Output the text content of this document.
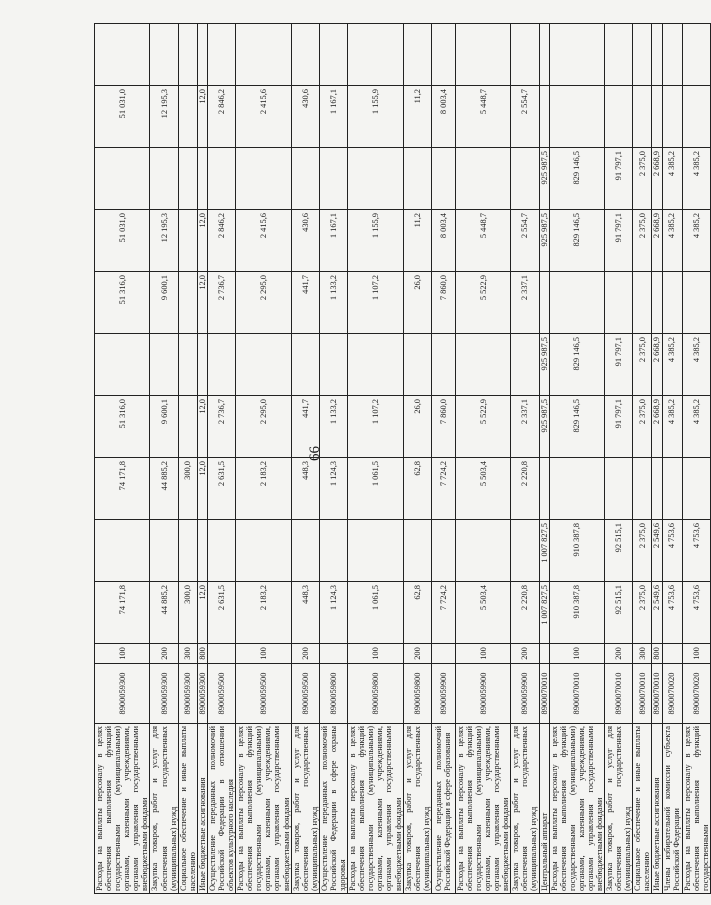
66
Расходы на выплаты персоналу в целях обеспечения выполнения функций государственными (муниципальными) органами, казенными учреждениями, органами управления государственными внебюджетными фондами	8900059300	100	74 171,8		74 171,8	51 316,0		51 316,0	51 031,0		51 031,0	
Закупка товаров, работ и услуг для обеспечения государственных (муниципальных) нужд	8900059300	200	44 885,2		44 885,2	9 600,1		9 600,1	12 195,3		12 195,3	
Социальное обеспечение и иные выплаты населению	8900059300	300	300,0		300,0							
Иные бюджетные ассигнования	8900059300	800	12,0		12,0	12,0		12,0	12,0		12,0	
Осуществление переданных полномочий Российской Федерации в отношении объектов культурного наследия	8900059500		2 631,5		2 631,5	2 736,7		2 736,7	2 846,2		2 846,2	
Расходы на выплаты персоналу в целях обеспечения выполнения функций государственными (муниципальными) органами, казенными учреждениями, органами управления государственными внебюджетными фондами	8900059500	100	2 183,2		2 183,2	2 295,0		2 295,0	2 415,6		2 415,6	
Закупка товаров, работ и услуг для обеспечения государственных (муниципальных) нужд	8900059500	200	448,3		448,3	441,7		441,7	430,6		430,6	
Осуществление переданных полномочий Российской Федерации в сфере охраны здоровья	8900059800		1 124,3		1 124,3	1 133,2		1 133,2	1 167,1		1 167,1	
Расходы на выплаты персоналу в целях обеспечения выполнения функций государственными (муниципальными) органами, казенными учреждениями, органами управления государственными внебюджетными фондами	8900059800	100	1 061,5		1 061,5	1 107,2		1 107,2	1 155,9		1 155,9	
Закупка товаров, работ и услуг для обеспечения государственных (муниципальных) нужд	8900059800	200	62,8		62,8	26,0		26,0	11,2		11,2	
Осуществление переданных полномочий Российской Федерации в сфере образования	8900059900		7 724,2		7 724,2	7 860,0		7 860,0	8 003,4		8 003,4	
Расходы на выплаты персоналу в целях обеспечения выполнения функций государственными (муниципальными) органами, казенными учреждениями, органами управления государственными внебюджетными фондами	8900059900	100	5 503,4		5 503,4	5 522,9		5 522,9	5 448,7		5 448,7	
Закупка товаров, работ и услуг для обеспечения государственных (муниципальных) нужд	8900059900	200	2 220,8		2 220,8	2 337,1		2 337,1	2 554,7		2 554,7	
Центральный аппарат	8900070010		1 007 827,5	1 007 827,5		925 987,5	925 987,5		925 987,5	925 987,5		
Расходы на выплаты персоналу в целях обеспечения выполнения функций государственными (муниципальными) органами, казенными учреждениями, органами управления государственными внебюджетными фондами	8900070010	100	910 387,8	910 387,8		829 146,5	829 146,5		829 146,5	829 146,5		
Закупка товаров, работ и услуг для обеспечения государственных (муниципальных) нужд	8900070010	200	92 515,1	92 515,1		91 797,1	91 797,1		91 797,1	91 797,1		
Социальное обеспечение и иные выплаты населению	8900070010	300	2 375,0	2 375,0		2 375,0	2 375,0		2 375,0	2 375,0		
Иные бюджетные ассигнования	8900070010	800	2 549,6	2 549,6		2 668,9	2 668,9		2 668,9	2 668,9		
Члены избирательной комиссии субъекта Российской Федерации	8900070020		4 753,6	4 753,6		4 385,2	4 385,2		4 385,2	4 385,2		
Расходы на выплаты персоналу в целях обеспечения выполнения функций государственными	8900070020	100	4 753,6	4 753,6		4 385,2	4 385,2		4 385,2	4 385,2		
